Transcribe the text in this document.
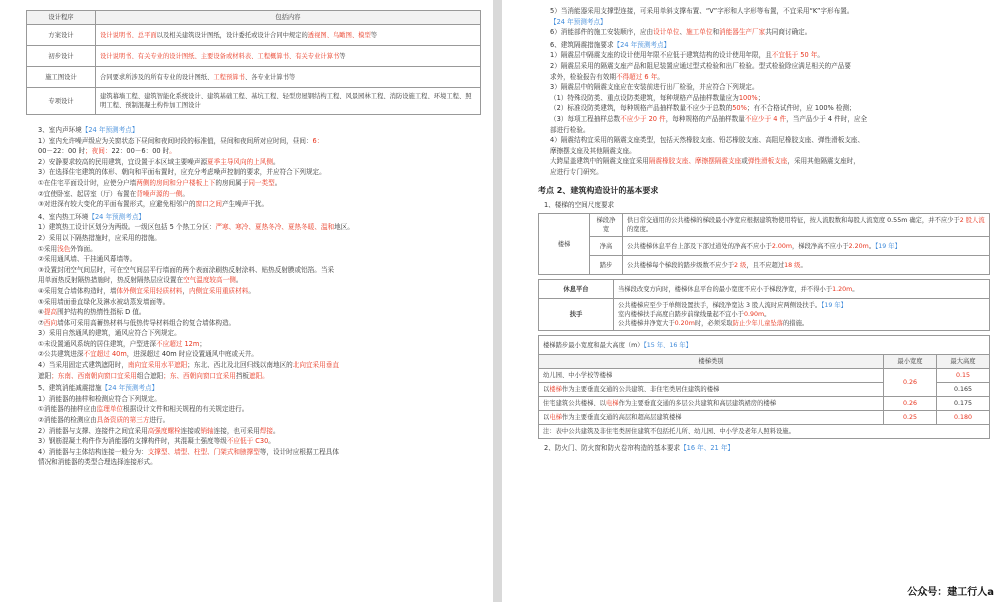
设计程序	包括内容
方案设计	设计说明书、总平面以及相关建筑设计图纸，设计委托或设计合同中规定的透视图、鸟瞰图、模型等
初步设计	设计说明书、有关专业的设计图纸、主要设备或材料表、工程概算书、有关专业计算书等
施工图设计	合同要求所涉及的所有专业的设计图纸、工程预算书、各专业计算书等
专项设计	建筑幕墙工程、建筑智能化系统设计、建筑基础工程、基坑工程、轻型房屋钢结构工程、风景园林工程、消防设施工程、环境工程、照明工程、预制混凝土构件加工图设计
3、室内声环境【24 年预测考点】
1）室内允许噪声级应为关窗状态下昼间和夜间时段的标准值，昼间和夜间所对应时间，昼间：6：
00－22：00 时；夜间：22：00－6：00 时。
2）安静要求较高的民用建筑，宜设置于本区域主要噪声源夏季主导风向的上风侧。
3）在选择住宅建筑的体形、朝向和平面布置时，应充分考虑噪声控制的要求，并应符合下列规定。
①在住宅平面设计时，应使分户墙两侧的房间和分户楼板上下的房间属于同一类型。
②宜使卧室、起居室（厅）布置在背噪声源的一侧。
③对进深有较大变化的平面布置形式，应避免相邻户的窗口之间产生噪声干扰。
4、室内热工环境【24 年预测考点】
1）建筑热工设计区划分为两级。一级区包括 5 个热工分区：严寒、寒冷、夏热冬冷、夏热冬暖、温和地区。
2）采用以下隔热措施时，应采用的措施。
①采用浅色外饰面。
②采用通风墙、干挂通风幕墙等。
③设置封闭空气间层时，可在空气间层平行墙面的两个表面涂刷热反射涂料、贴热反射膜或铝箔。当采
用单面热反射隔热措施时，热反射隔热层应设置在空气温度较高一侧。
④采用复合墙体构造时，墙体外侧宜采用轻质材料，内侧宜采用重质材料。
⑤采用墙面垂直绿化及淋水被动蒸发墙面等。
⑥提高围护结构的热惰性指标 D 值。
⑦西向墙体可采用高蓄热材料与低热传导材料组合的复合墙体构造。
3）采用自然通风的建筑，通风应符合下列规定。
①未设置通风系统的居住建筑，户型进深不应超过 12m；
②公共建筑进深不宜超过 40m，进深超过 40m 时应设置通风中庭或天井。
4）当采用固定式建筑遮阳时，南向宜采用水平遮阳；东北、西北及北回归线以南地区的北向宜采用垂直
遮阳；东南、西南朝向窗口宜采用组合遮阳；东、西朝向窗口宜采用挡板遮阳。
5、建筑消能减震措施【24 年预测考点】
1）消能器的抽样和检测应符合下列规定。
①消能器的抽样应由监理单位根据设计文件和相关规程的有关规定进行。
②消能器的检测应由具备资质的第三方进行。
2）消能器与支撑、连接件之间宜采用高强度螺栓连接或销轴连接，也可采用焊接。
3）钢筋混凝土构件作为消能器的支撑构件时，其混凝土强度等级不应低于 C30。
4）消能器与主体结构连接一般分为：支撑型、墙型、柱型、门架式和腋撑型等，设计时应根据工程具体
情况和消能器的类型合理选择连接形式。
5）当消能器采用支撑型连接，可采用单斜支撑布置、“V”字形和人字形等布置，不宜采用“K”字形布置。
【24 年预测考点】
6）消能部件的施工安装顺序，应由设计单位、施工单位和消能器生产厂家共同商讨确定。
6、建筑隔震措施要求【24 年预测考点】
1）隔震层中隔震支座的设计使用年限不应低于建筑结构的设计使用年限，且不宜低于 50 年。
2）隔震层采用的隔震支座产品和阻尼装置应通过型式检验和出厂检验。型式检验除应满足相关的产品要
求外，检验报告有效期不得超过 6 年。
3）隔震层中的隔震支座应在安装前进行出厂检验，并应符合下列规定。
（1）特殊设防类、重点设防类建筑，每种规格产品抽样数量应为100%；
（2）标准设防类建筑，每种规格产品抽样数量不应少于总数的50%；有不合格试件时，应 100% 检测；
（3）每项工程抽样总数不应少于 20 件，每种规格的产品抽样数量不应少于 4 件，当产品少于 4 件时，应全
部进行检验。
4）隔震结构宜采用的隔震支座类型，包括天然橡胶支座、铅芯橡胶支座、高阻尼橡胶支座、弹性滑板支座、
摩擦摆支座及其他隔震支座。
大跨屋盖建筑中的隔震支座宜采用隔震橡胶支座、摩擦摆隔震支座或弹性滑板支座，采用其他隔震支座时，
应进行专门研究。
考点 2、建筑构造设计的基本要求
1、楼梯的空间尺度要求
楼梯	梯段净宽	供日常交通用的公共楼梯的梯段最小净宽应根据建筑物使用特征，按人流股数和每股人流宽度 0.55m 确定，并不应少于2 股人流的宽度。
	净高	公共楼梯休息平台上部及下部过道处的净高不应小于2.00m，梯段净高不应小于2.20m。【19 年】
	踏步	公共楼梯每个梯段的踏步级数不应少于2 级，且不应超过18 级。
休息平台	当梯段改变方向时，楼梯休息平台的最小宽度不应小于梯段净宽，并不得小于1.20m。
扶手	公共楼梯应至少于单侧设置扶手，梯段净宽达 3 股人流时应两侧设扶手。【19 年】
室内楼梯扶手高度自踏步前缘线量起不宜小于0.90m。
公共楼梯井净宽大于0.20m时，必须采取防止少年儿童坠落的措施。
楼梯踏步最小宽度和最大高度（m）【15 年、16 年】		
楼梯类别	最小宽度	最大高度
幼儿园、中小学校等楼梯	0.26	0.15
以楼梯作为主要垂直交通的公共建筑、非住宅类居住建筑的楼梯		0.165
住宅建筑公共楼梯、以电梯作为主要垂直交通的多层公共建筑和高层建筑裙房的楼梯	0.26	0.175
以电梯作为主要垂直交通的高层和超高层建筑楼梯	0.25	0.180
注：表中公共建筑及非住宅类居住建筑不包括托儿所、幼儿园、中小学及老年人照料设施。		
2、防火门、防火窗和防火卷帘构造的基本要求【16 年、21 年】
公众号：建工行人a
